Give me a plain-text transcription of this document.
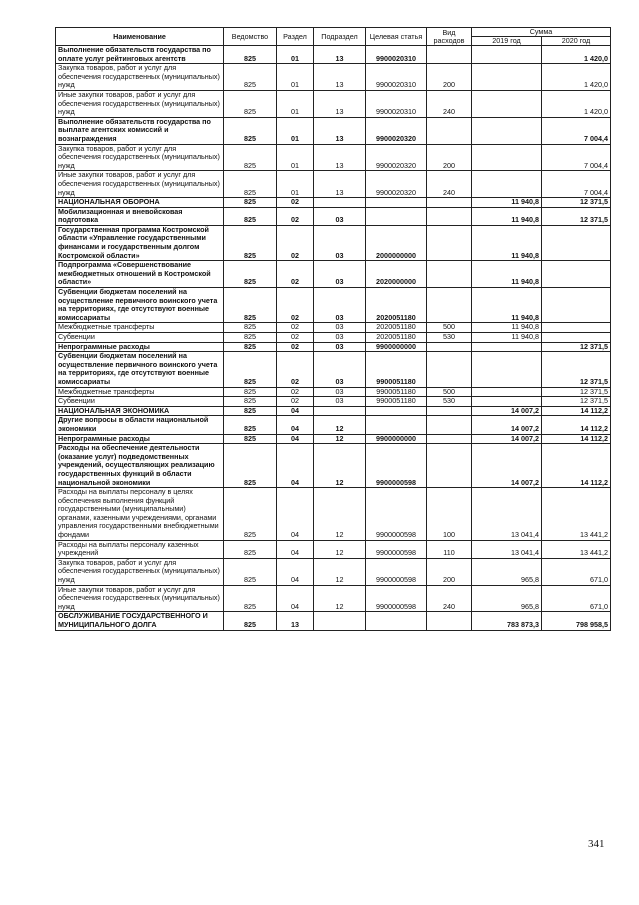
Наименование	Ведомство	Раздел	Подраздел	Целевая статья	Вид расходов	Сумма	
						2019 год	2020 год
Выполнение обязательств государства по оплате услуг рейтинговых агентств	825	01	13	9900020310			1 420,0
Закупка товаров, работ и услуг для обеспечения государственных (муниципальных) нужд	825	01	13	9900020310	200		1 420,0
Иные закупки товаров, работ и услуг для обеспечения государственных (муниципальных) нужд	825	01	13	9900020310	240		1 420,0
Выполнение обязательств государства по выплате агентских комиссий и вознаграждения	825	01	13	9900020320			7 004,4
Закупка товаров, работ и услуг для обеспечения государственных (муниципальных) нужд	825	01	13	9900020320	200		7 004,4
Иные закупки товаров, работ и услуг для обеспечения государственных (муниципальных) нужд	825	01	13	9900020320	240		7 004,4
НАЦИОНАЛЬНАЯ ОБОРОНА	825	02				11 940,8	12 371,5
Мобилизационная и вневойсковая подготовка	825	02	03			11 940,8	12 371,5
Государственная программа Костромской области «Управление государственными финансами и государственным долгом Костромской области»	825	02	03	2000000000		11 940,8	
Подпрограмма «Совершенствование межбюджетных отношений в Костромской области»	825	02	03	2020000000		11 940,8	
Субвенции бюджетам поселений на осуществление первичного воинского учета на территориях, где отсутствуют военные комиссариаты	825	02	03	2020051180		11 940,8	
Межбюджетные трансферты	825	02	03	2020051180	500	11 940,8	
Субвенции	825	02	03	2020051180	530	11 940,8	
Непрограммные расходы	825	02	03	9900000000			12 371,5
Субвенции бюджетам поселений на осуществление первичного воинского учета на территориях, где отсутствуют военные комиссариаты	825	02	03	9900051180			12 371,5
Межбюджетные трансферты	825	02	03	9900051180	500		12 371,5
Субвенции	825	02	03	9900051180	530		12 371,5
НАЦИОНАЛЬНАЯ ЭКОНОМИКА	825	04				14 007,2	14 112,2
Другие вопросы в области национальной экономики	825	04	12			14 007,2	14 112,2
Непрограммные расходы	825	04	12	9900000000		14 007,2	14 112,2
Расходы на обеспечение деятельности (оказание услуг) подведомственных учреждений, осуществляющих реализацию государственных функций в области национальной экономики	825	04	12	9900000598		14 007,2	14 112,2
Расходы на выплаты персоналу в целях обеспечения выполнения функций государственными (муниципальными) органами, казенными учреждениями, органами управления государственными внебюджетными фондами	825	04	12	9900000598	100	13 041,4	13 441,2
Расходы на выплаты персоналу казенных учреждений	825	04	12	9900000598	110	13 041,4	13 441,2
Закупка товаров, работ и услуг для обеспечения государственных (муниципальных) нужд	825	04	12	9900000598	200	965,8	671,0
Иные закупки товаров, работ и услуг для обеспечения государственных (муниципальных) нужд	825	04	12	9900000598	240	965,8	671,0
ОБСЛУЖИВАНИЕ ГОСУДАРСТВЕННОГО И МУНИЦИПАЛЬНОГО ДОЛГА	825	13				783 873,3	798 958,5
341
